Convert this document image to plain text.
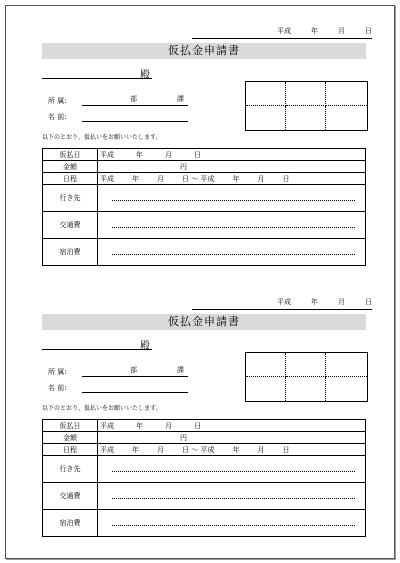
平成	年	月	日
仮払金申請書
殿
所 属:	部	課
名 前:
以下のとおり、仮払いをお願いいたします。
仮払日	平成 年 月 日
金額	円
日程	平成 年 月 日 ～ 平成 年 月 日
行き先	

交通費	

宿泊費	
平成	年	月	日
仮払金申請書
殿
所 属:	部	課
名 前:
以下のとおり、仮払いをお願いいたします。
仮払日	平成 年 月 日
金額	円
日程	平成 年 月 日 ～ 平成 年 月 日
行き先	

交通費	

宿泊費	
